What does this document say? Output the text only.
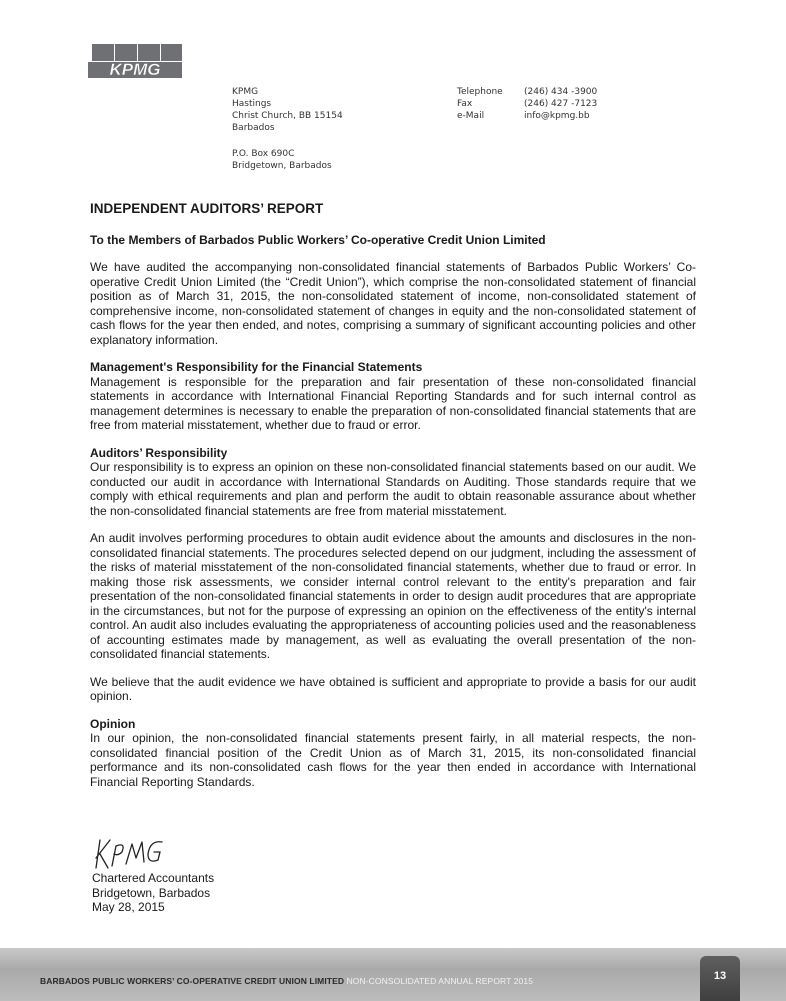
KPMG
KPMG
Hastings
Christ Church, BB 15154
Barbados
P.O. Box 690C
Bridgetown, Barbados
Telephone
Fax
e-Mail
(246) 434 -3900
(246) 427 -7123
info@kpmg.bb
INDEPENDENT AUDITORS’ REPORT
To the Members of Barbados Public Workers’ Co-operative Credit Union Limited
We have audited the accompanying non-consolidated financial statements of Barbados Public Workers’ Co-operative Credit Union Limited (the “Credit Union”), which comprise the non-consolidated statement of financial position as of March 31, 2015, the non-consolidated statement of income, non-consolidated statement of comprehensive income, non-consolidated statement of changes in equity and the non-consolidated statement of cash flows for the year then ended, and notes, comprising a summary of significant accounting policies and other explanatory information.
Management's Responsibility for the Financial Statements
Management is responsible for the preparation and fair presentation of these non-consolidated financial statements in accordance with International Financial Reporting Standards and for such internal control as management determines is necessary to enable the preparation of non-consolidated financial statements that are free from material misstatement, whether due to fraud or error.
Auditors’ Responsibility
Our responsibility is to express an opinion on these non-consolidated financial statements based on our audit. We conducted our audit in accordance with International Standards on Auditing. Those standards require that we comply with ethical requirements and plan and perform the audit to obtain reasonable assurance about whether the non-consolidated financial statements are free from material misstatement.
An audit involves performing procedures to obtain audit evidence about the amounts and disclosures in the non-consolidated financial statements. The procedures selected depend on our judgment, including the assessment of the risks of material misstatement of the non-consolidated financial statements, whether due to fraud or error. In making those risk assessments, we consider internal control relevant to the entity's preparation and fair presentation of the non-consolidated financial statements in order to design audit procedures that are appropriate in the circumstances, but not for the purpose of expressing an opinion on the effectiveness of the entity's internal control. An audit also includes evaluating the appropriateness of accounting policies used and the reasonableness of accounting estimates made by management, as well as evaluating the overall presentation of the non-consolidated financial statements.
We believe that the audit evidence we have obtained is sufficient and appropriate to provide a basis for our audit opinion.
Opinion
In our opinion, the non-consolidated financial statements present fairly, in all material respects, the non-consolidated financial position of the Credit Union as of March 31, 2015, its non-consolidated financial performance and its non-consolidated cash flows for the year then ended in accordance with International Financial Reporting Standards.
Chartered Accountants
Bridgetown, Barbados
May 28, 2015
BARBADOS PUBLIC WORKERS’ CO-OPERATIVE CREDIT UNION LIMITED NON-CONSOLIDATED ANNUAL REPORT 2015	13
